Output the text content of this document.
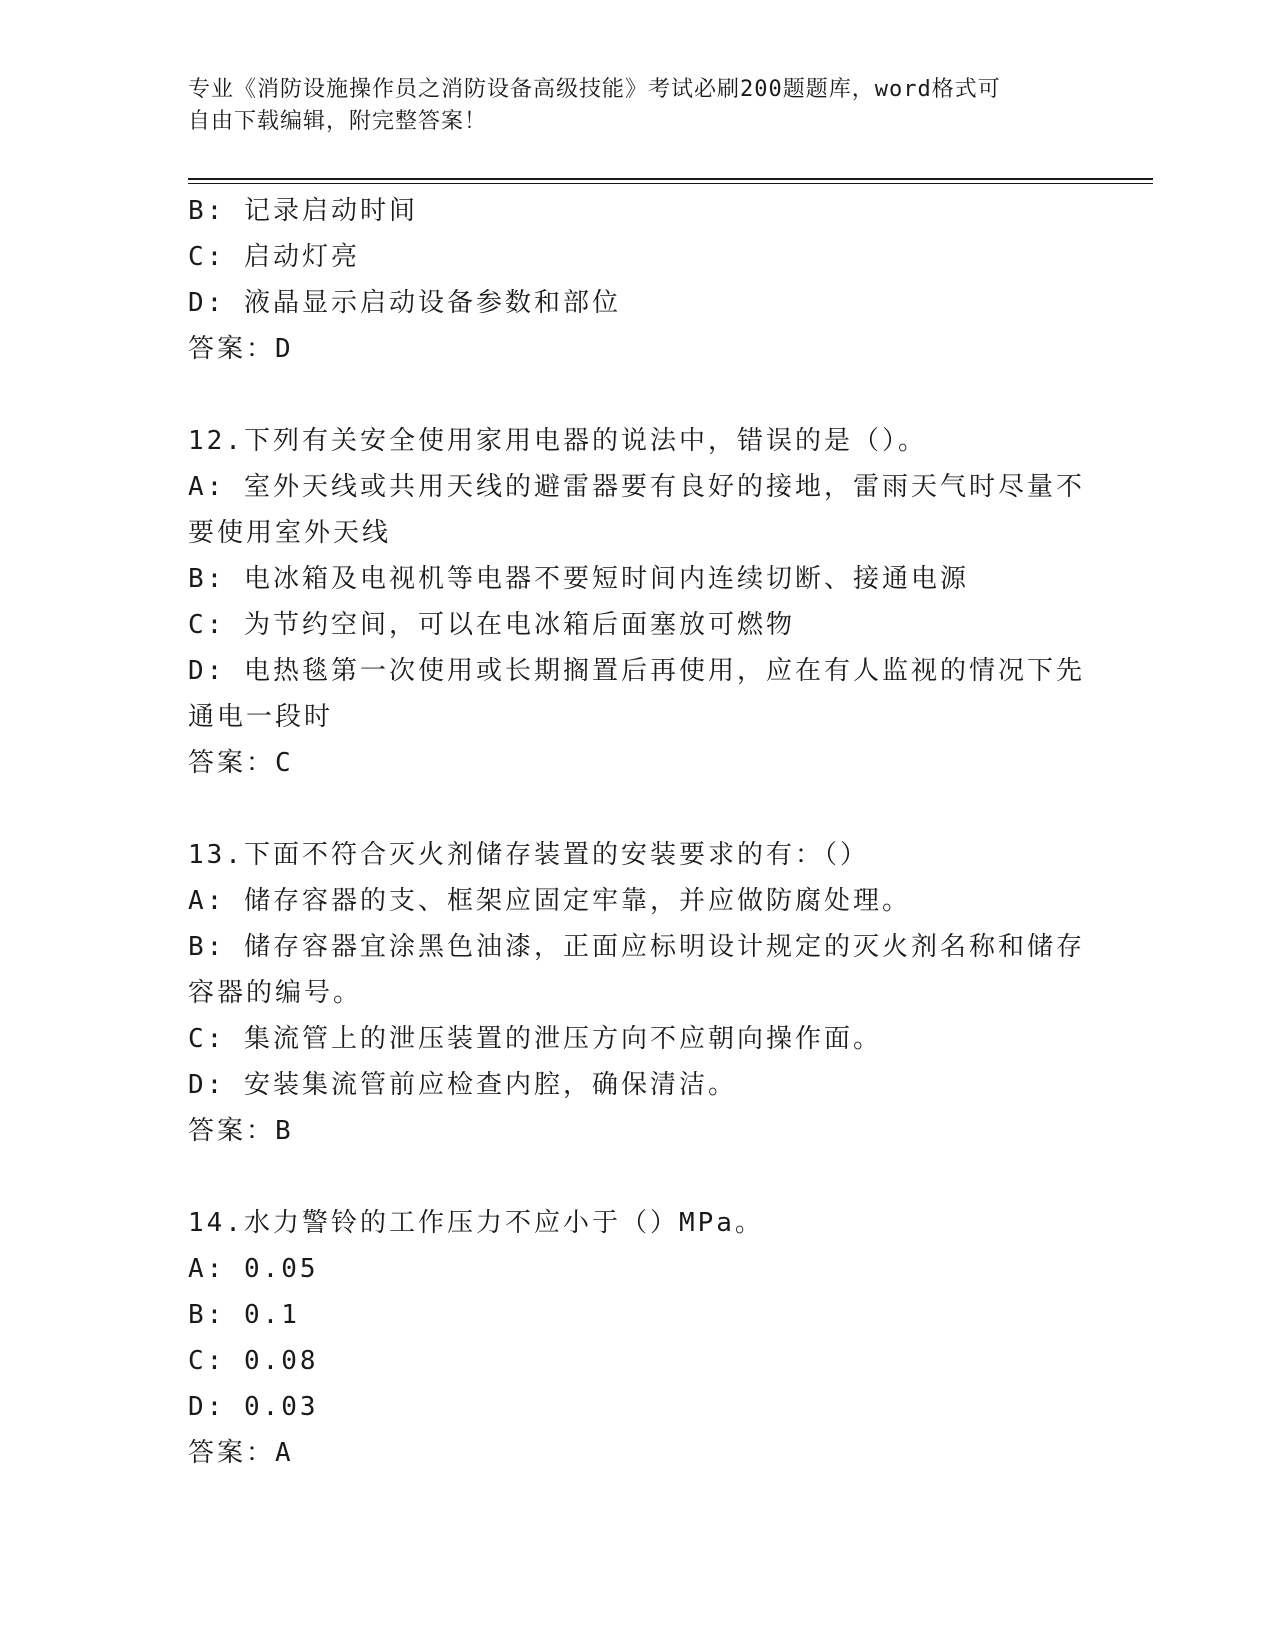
专业《消防设施操作员之消防设备高级技能》考试必刷200题题库，word格式可
自由下载编辑，附完整答案！
B: 记录启动时间
C: 启动灯亮
D: 液晶显示启动设备参数和部位
答案：D
12.下列有关安全使用家用电器的说法中，错误的是（）。
A: 室外天线或共用天线的避雷器要有良好的接地，雷雨天气时尽量不要使用室外天线
B: 电冰箱及电视机等电器不要短时间内连续切断、接通电源
C: 为节约空间，可以在电冰箱后面塞放可燃物
D: 电热毯第一次使用或长期搁置后再使用，应在有人监视的情况下先通电一段时
答案：C
13.下面不符合灭火剂储存装置的安装要求的有：（）
A: 储存容器的支、框架应固定牢靠，并应做防腐处理。
B: 储存容器宜涂黑色油漆，正面应标明设计规定的灭火剂名称和储存容器的编号。
C: 集流管上的泄压装置的泄压方向不应朝向操作面。
D: 安装集流管前应检查内腔，确保清洁。
答案：B
14.水力警铃的工作压力不应小于（）MPa。
A: 0.05
B: 0.1
C: 0.08
D: 0.03
答案：A
